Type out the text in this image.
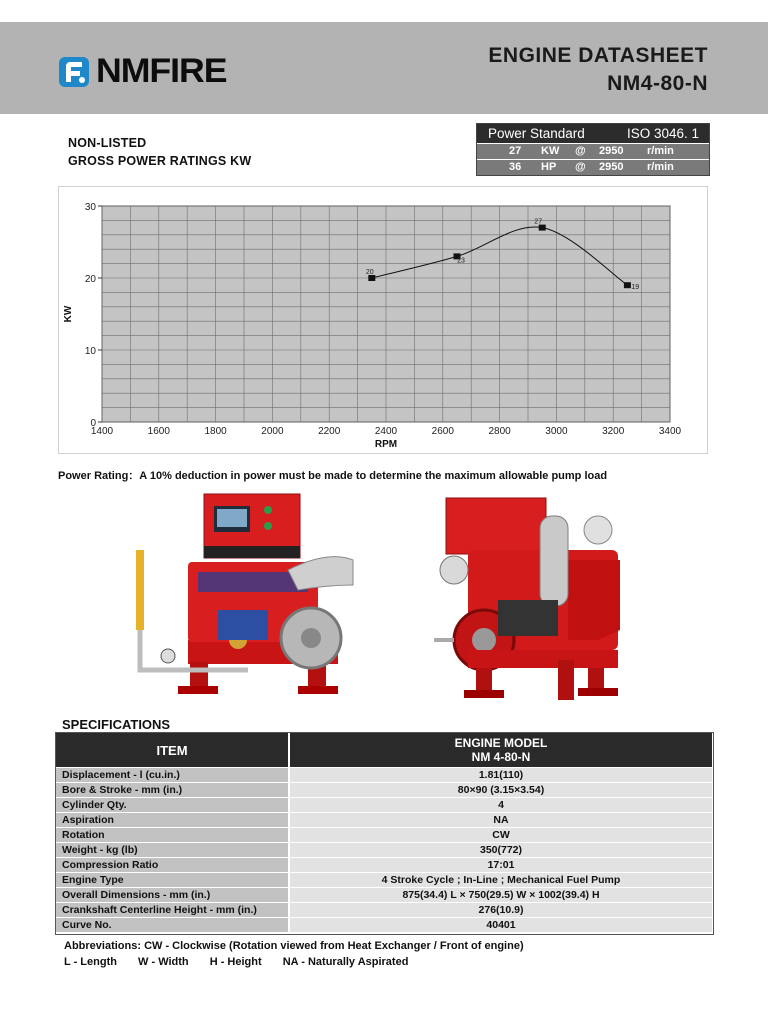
NMFIRE	ENGINE DATASHEET
NM4-80-N
NON-LISTED
GROSS POWER RATINGS KW
Power Standard	ISO 3046. 1
27 KW @ 2950 r/min
36 HP @ 2950 r/min
1400	1600	1800	2000	2200	2400	2600	2800	3000	3200	3400
0
10
20
30
RPM
KW
20
23
27
19
Power Rating：A 10% deduction in power must be made to determine the maximum allowable pump load
SPECIFICATIONS
ITEM	ENGINE MODEL
NM 4-80-N

Displacement - l (cu.in.)	1.81(110)
Bore & Stroke - mm (in.)	80×90 (3.15×3.54)
Cylinder Qty.	4
Aspiration	NA
Rotation	CW
Weight - kg (lb)	350(772)
Compression Ratio	17:01
Engine Type	4 Stroke Cycle ; In-Line ; Mechanical Fuel Pump
Overall Dimensions - mm (in.)	875(34.4) L × 750(29.5) W × 1002(39.4) H
Crankshaft Centerline Height - mm (in.)	276(10.9)
Curve No.	40401
Abbreviations: CW - Clockwise (Rotation viewed from Heat Exchanger / Front of engine)
L - Length W - Width H - Height NA - Naturally Aspirated
